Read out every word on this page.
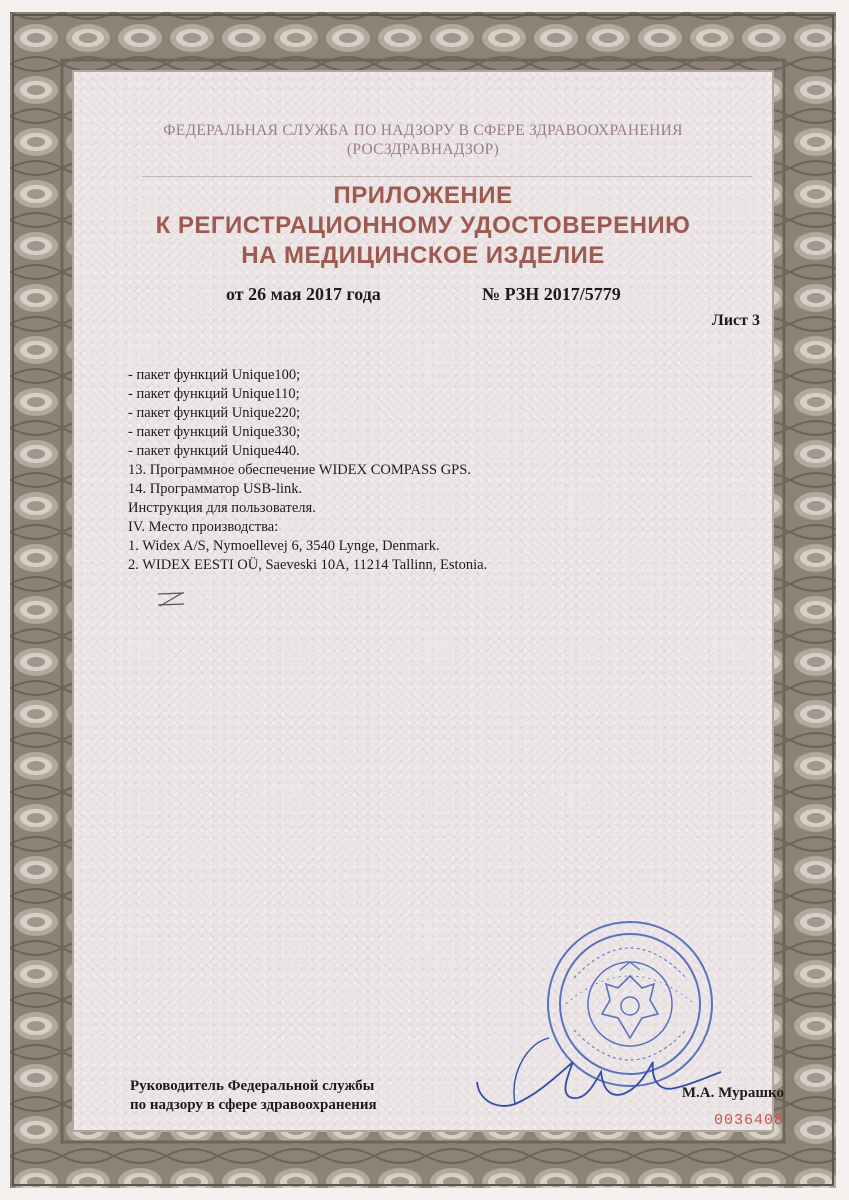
ФЕДЕРАЛЬНАЯ СЛУЖБА ПО НАДЗОРУ В СФЕРЕ ЗДРАВООХРАНЕНИЯ
(РОСЗДРАВНАДЗОР)
ПРИЛОЖЕНИЕ
К РЕГИСТРАЦИОННОМУ УДОСТОВЕРЕНИЮ
НА МЕДИЦИНСКОЕ ИЗДЕЛИЕ
от 26 мая 2017 года	№ РЗН 2017/5779
Лист 3
- пакет функций Unique100;
- пакет функций Unique110;
- пакет функций Unique220;
- пакет функций Unique330;
- пакет функций Unique440.
13. Программное обеспечение WIDEX COMPASS GPS.
14. Программатор USB-link.
Инструкция для пользователя.
IV. Место производства:
1. Widex A/S, Nymoellevej 6, 3540 Lynge, Denmark.
2. WIDEX EESTI OÜ, Saeveski 10A, 11214 Tallinn, Estonia.
Руководитель Федеральной службы
по надзору в сфере здравоохранения
М.А. Мурашко
0036408
